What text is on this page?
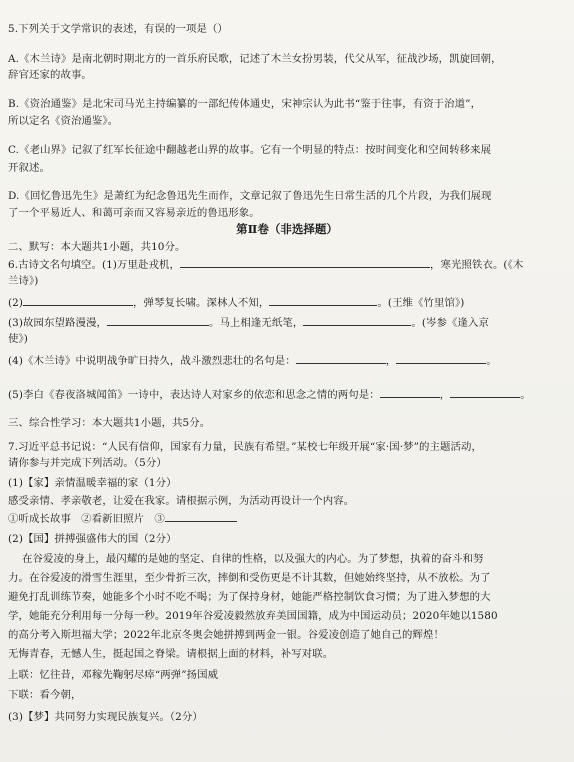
5.下列关于文学常识的表述，有误的一项是（）
A.《木兰诗》是南北朝时期北方的一首乐府民歌，记述了木兰女扮男装，代父从军，征战沙场，凯旋回朝，
辞官还家的故事。
B.《资治通鉴》是北宋司马光主持编纂的一部纪传体通史，宋神宗认为此书“鉴于往事，有资于治道”，
所以定名《资治通鉴》。
C.《老山界》记叙了红军长征途中翻越老山界的故事。它有一个明显的特点：按时间变化和空间转移来展
开叙述。
D.《回忆鲁迅先生》是萧红为纪念鲁迅先生而作，文章记叙了鲁迅先生日常生活的几个片段，为我们展现
了一个平易近人、和蔼可亲而又容易亲近的鲁迅形象。
第Ⅱ卷（非选择题）
二、默写：本大题共1小题，共10分。
6.古诗文名句填空。(1)万里赴戎机，	，寒光照铁衣。(《木
兰诗》)
(2)	，弹琴复长啸。深林人不知，	。(王维《竹里馆》)
(3)故园东望路漫漫，	。马上相逢无纸笔，	。(岑参《逢入京
使》)
(4)《木兰诗》中说明战争旷日持久，战斗激烈悲壮的名句是：	，	。
(5)李白《春夜洛城闻笛》一诗中，表达诗人对家乡的依恋和思念之情的两句是：	，	。
三、综合性学习：本大题共1小题，共5分。
7.习近平总书记说：“人民有信仰，国家有力量，民族有希望。”某校七年级开展“家·国·梦”的主题活动，
请你参与并完成下列活动。（5分）
(1)【家】亲情温暖幸福的家（1分）
感受亲情、孝亲敬老，让爱在我家。请根据示例，为活动再设计一个内容。
①听成长故事 ②看新旧照片 ③
(2)【国】拼搏强盛伟大的国（2分）
在谷爱凌的身上，最闪耀的是她的坚定、自律的性格，以及强大的内心。为了梦想，执着的奋斗和努
力。在谷爱凌的滑雪生涯里，至少骨折三次，摔倒和受伤更是不计其数，但她始终坚持，从不放松。为了
避免打乱训练节奏，她能多个小时不吃不喝；为了保持身材，她能严格控制饮食习惯；为了进入梦想的大
学，她能充分利用每一分每一秒。2019年谷爱凌毅然放弃美国国籍，成为中国运动员；2020年她以1580
的高分考入斯坦福大学；2022年北京冬奥会她拼搏到两金一银。谷爱凌创造了她自己的辉煌！
无悔青春，无憾人生，挺起国之脊梁。请根据上面的材料，补写对联。
上联：忆往昔，邓稼先鞠躬尽瘁“两弹”扬国威
下联：看今朝，
(3)【梦】共同努力实现民族复兴。（2分）
